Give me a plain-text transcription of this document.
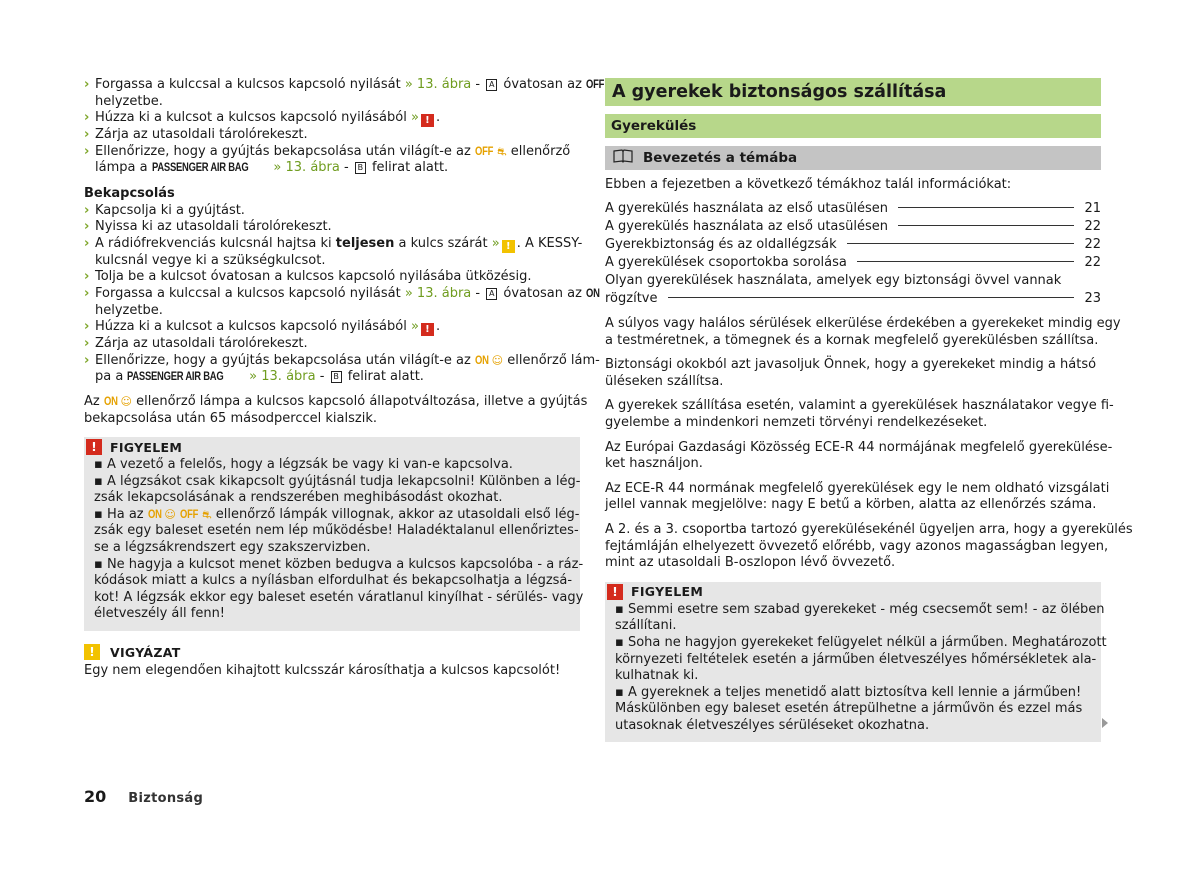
› Forgassa a kulccsal a kulcsos kapcsoló nyilását » 13. ábra - A óvatosan az OFF
helyzetbe.
› Húzza ki a kulcsot a kulcsos kapcsoló nyilásából » ! .
› Zárja az utasoldali tárolórekeszt.
› Ellenőrizze, hogy a gyújtás bekapcsolása után világít-e az OFF ⛐ ellenőrző
lámpa a PASSENGER AIR BAG » 13. ábra - B felirat alatt.
Bekapcsolás
› Kapcsolja ki a gyújtást.
› Nyissa ki az utasoldali tárolórekeszt.
› A rádiófrekvenciás kulcsnál hajtsa ki teljesen a kulcs szárát » ! . A KESSY-
kulcsnál vegye ki a szükségkulcsot.
› Tolja be a kulcsot óvatosan a kulcsos kapcsoló nyilásába ütközésig.
› Forgassa a kulccsal a kulcsos kapcsoló nyilását » 13. ábra - A óvatosan az ON
helyzetbe.
› Húzza ki a kulcsot a kulcsos kapcsoló nyilásából » ! .
› Zárja az utasoldali tárolórekeszt.
› Ellenőrizze, hogy a gyújtás bekapcsolása után világít-e az ON ☺ ellenőrző lám-
pa a PASSENGER AIR BAG » 13. ábra - B felirat alatt.
Az ON ☺ ellenőrző lámpa a kulcsos kapcsoló állapotváltozása, illetve a gyújtás
bekapcsolása után 65 másodperccel kialszik.
!	FIGYELEM
▪ A vezető a felelős, hogy a légzsák be vagy ki van-e kapcsolva.
▪ A légzsákot csak kikapcsolt gyújtásnál tudja lekapcsolni! Különben a lég-
zsák lekapcsolásának a rendszerében meghibásodást okozhat.
▪ Ha az ON ☺ OFF ⛐ ellenőrző lámpák villognak, akkor az utasoldali első lég-
zsák egy baleset esetén nem lép működésbe! Haladéktalanul ellenőriztes-
se a légzsákrendszert egy szakszervizben.
▪ Ne hagyja a kulcsot menet közben bedugva a kulcsos kapcsolóba - a ráz-
kódások miatt a kulcs a nyílásban elfordulhat és bekapcsolhatja a légzsá-
kot! A légzsák ekkor egy baleset esetén váratlanul kinyílhat - sérülés- vagy
életveszély áll fenn!
!	VIGYÁZAT
Egy nem elegendően kihajtott kulcsszár károsíthatja a kulcsos kapcsolót!
A gyerekek biztonságos szállítása
Gyerekülés
Bevezetés a témába
Ebben a fejezetben a következő témákhoz talál információkat:
A gyerekülés használata az első utasülésen	21
A gyerekülés használata az első utasülésen	22
Gyerekbiztonság és az oldallégzsák	22
A gyerekülések csoportokba sorolása	22
Olyan gyerekülések használata, amelyek egy biztonsági övvel vannak
rögzítve	23
A súlyos vagy halálos sérülések elkerülése érdekében a gyerekeket mindig egy
a testméretnek, a tömegnek és a kornak megfelelő gyerekülésben szállítsa.
Biztonsági okokból azt javasoljuk Önnek, hogy a gyerekeket mindig a hátsó
üléseken szállítsa.
A gyerekek szállítása esetén, valamint a gyerekülések használatakor vegye fi-
gyelembe a mindenkori nemzeti törvényi rendelkezéseket.
Az Európai Gazdasági Közösség ECE-R 44 normájának megfelelő gyerekülése-
ket használjon.
Az ECE-R 44 normának megfelelő gyerekülések egy le nem oldható vizsgálati
jellel vannak megjelölve: nagy E betű a körben, alatta az ellenőrzés száma.
A 2. és a 3. csoportba tartozó gyerekülésekénél ügyeljen arra, hogy a gyerekülés
fejtámláján elhelyezett övvezető előrébb, vagy azonos magasságban legyen,
mint az utasoldali B-oszlopon lévő övvezető.
!	FIGYELEM
▪ Semmi esetre sem szabad gyerekeket - még csecsemőt sem! - az ölében
szállítani.
▪ Soha ne hagyjon gyerekeket felügyelet nélkül a járműben. Meghatározott
környezeti feltételek esetén a járműben életveszélyes hőmérsékletek ala-
kulhatnak ki.
▪ A gyereknek a teljes menetidő alatt biztosítva kell lennie a járműben!
Máskülönben egy baleset esetén átrepülhetne a járművön és ezzel más
utasoknak életveszélyes sérüléseket okozhatna.
20 Biztonság
